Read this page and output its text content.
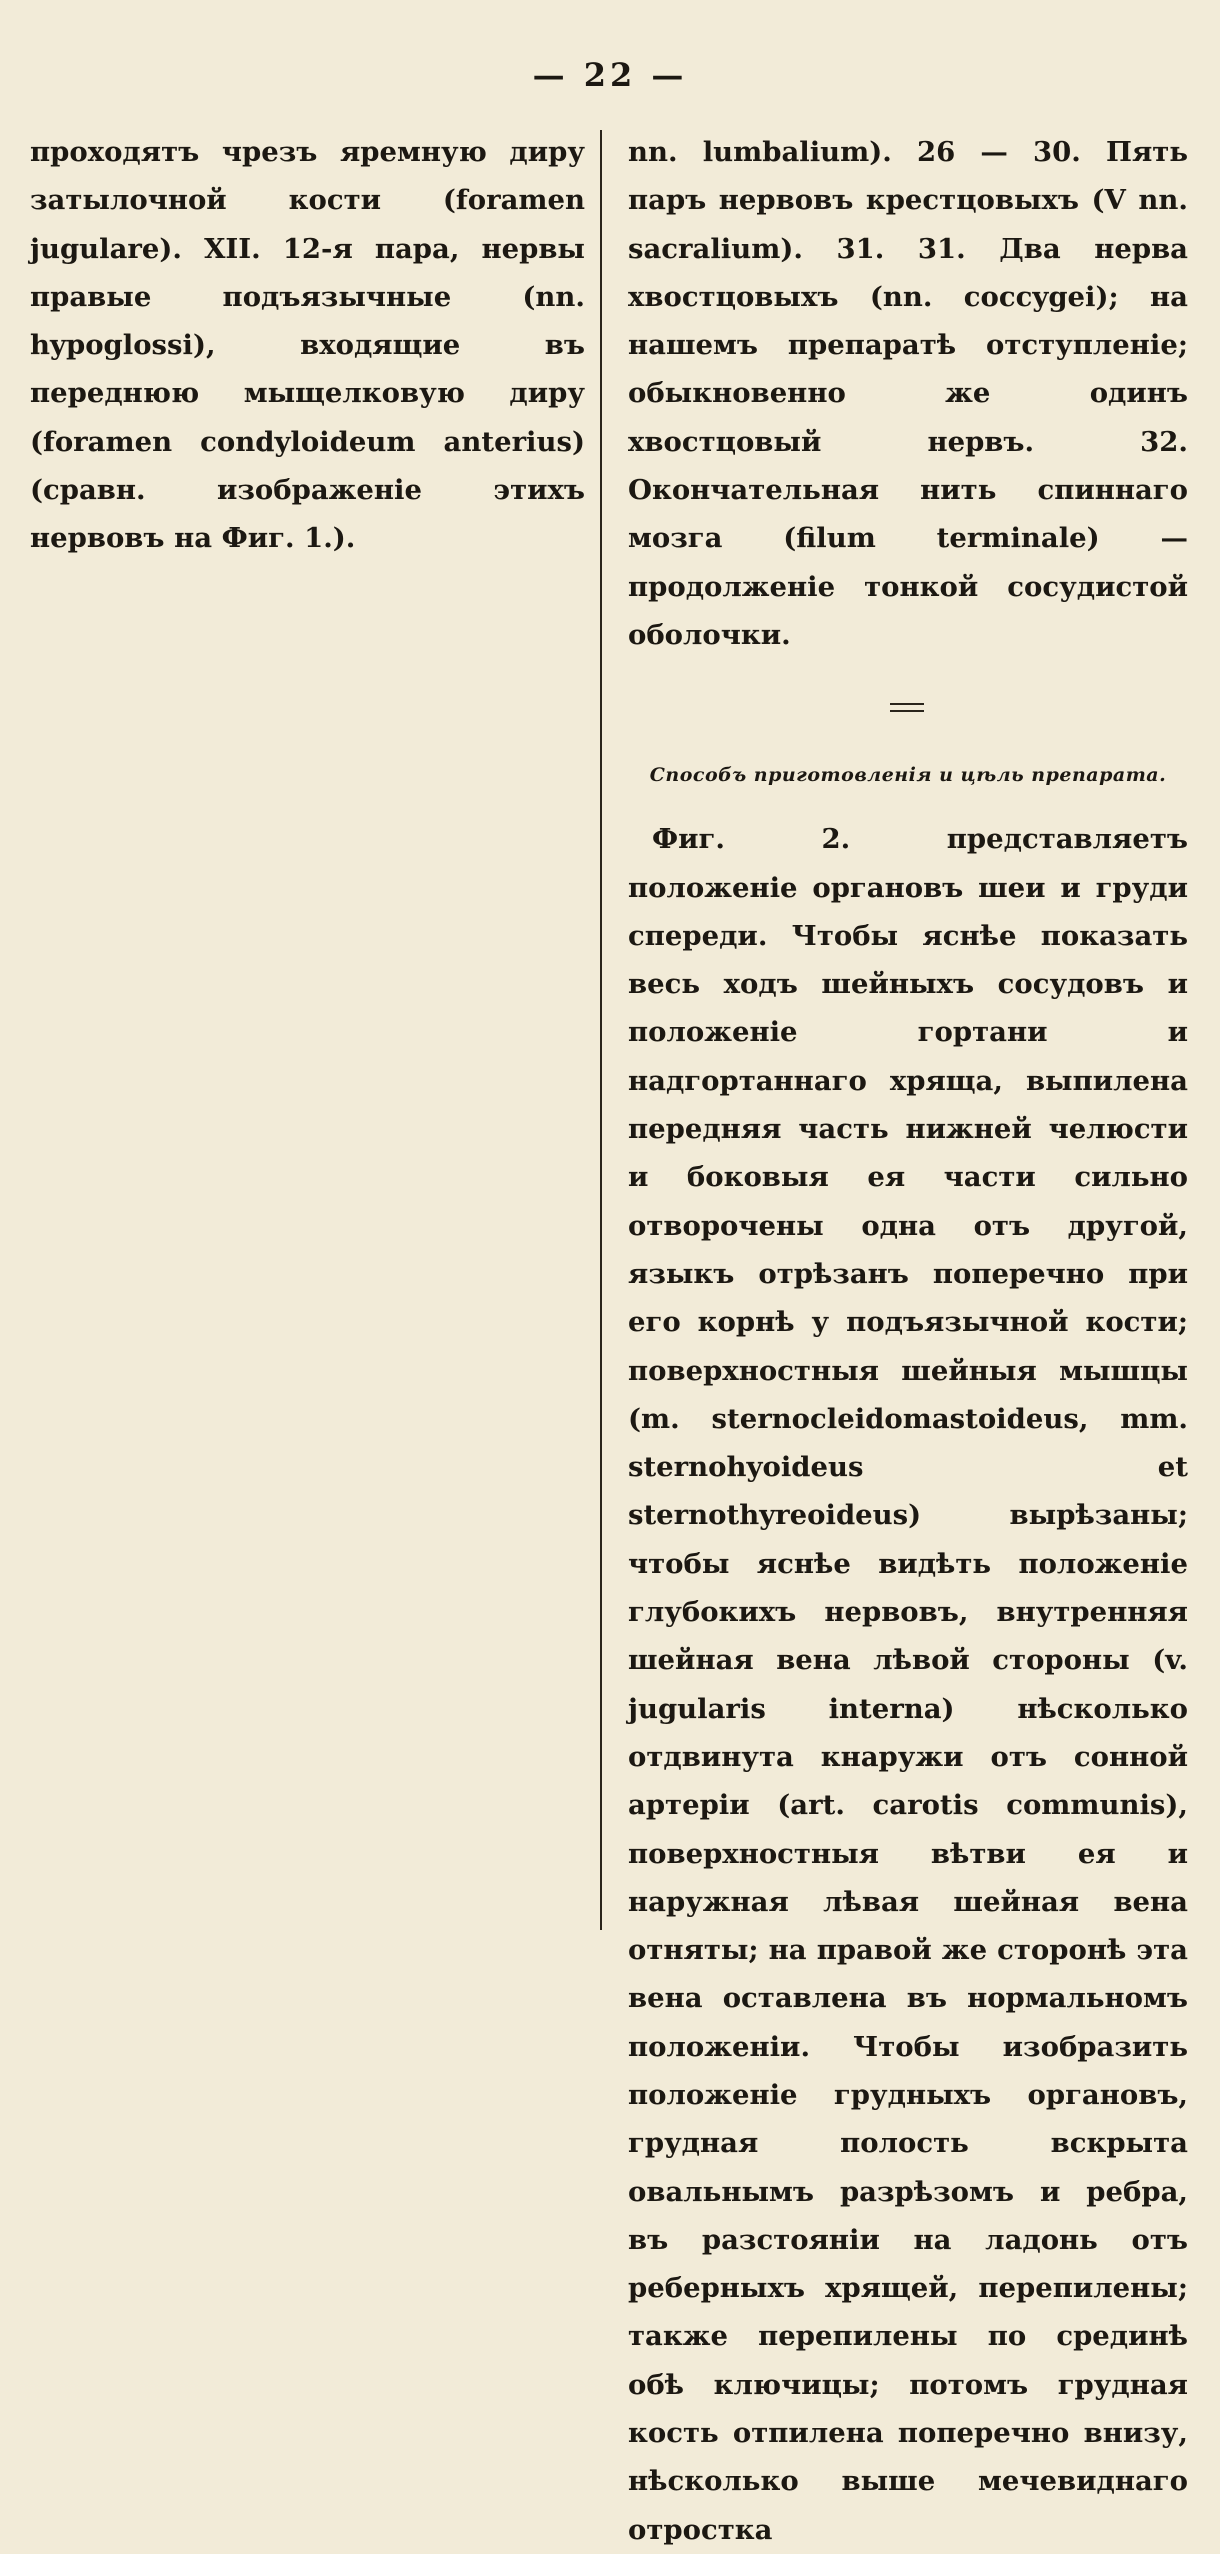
— 22 —

проходятъ чрезъ яремную диру затылочной кости (foramen jugulare). XII. 12-я пара, нервы правые подъязычные (nn. hypoglossi), входящие въ переднюю мыщелковую диру (foramen condyloideum anterius) (сравн. изображеніе этихъ нервовъ на Фиг. 1.).

nn. lumbalium). 26 — 30. Пять паръ нервовъ крестцовыхъ (V nn. sacralium). 31. 31. Два нерва хвостцовыхъ (nn. coccygei); на нашемъ препаратѣ отступленіе; обыкновенно же одинъ хвостцовый нервъ. 32. Окончательная нить спиннаго мозга (filum terminale) — продолженіе тонкой сосудистой оболочки.

Способъ приготовленія и цѣль препарата.

Фиг. 2. представляетъ положеніе органовъ шеи и груди спереди. Чтобы яснѣе показать весь ходъ шейныхъ сосудовъ и положеніе гортани и надгортаннаго хряща, выпилена передняя часть нижней челюсти и боковыя ея части сильно отворочены одна отъ другой, языкъ отрѣзанъ поперечно при его корнѣ у подъязычной кости; поверхностныя шейныя мышцы (m. sternocleidomastoideus, mm. sternohyoideus et sternothyreoideus) вырѣзаны; чтобы яснѣе видѣть положеніе глубокихъ нервовъ, внутренняя шейная вена лѣвой стороны (v. jugularis interna) нѣсколько отдвинута кнаружи отъ сонной артеріи (art. carotis communis), поверхностныя вѣтви ея и наружная лѣвая шейная вена отняты; на правой же сторонѣ эта вена оставлена въ нормальномъ положеніи. Чтобы изобразить положеніе грудныхъ органовъ, грудная полость вскрыта овальнымъ разрѣзомъ и ребра, въ разстояніи на ладонь отъ реберныхъ хрящей, перепилены; также перепилены по срединѣ обѣ ключицы; потомъ грудная кость отпилена поперечно внизу, нѣсколько выше мечевиднаго отростка
